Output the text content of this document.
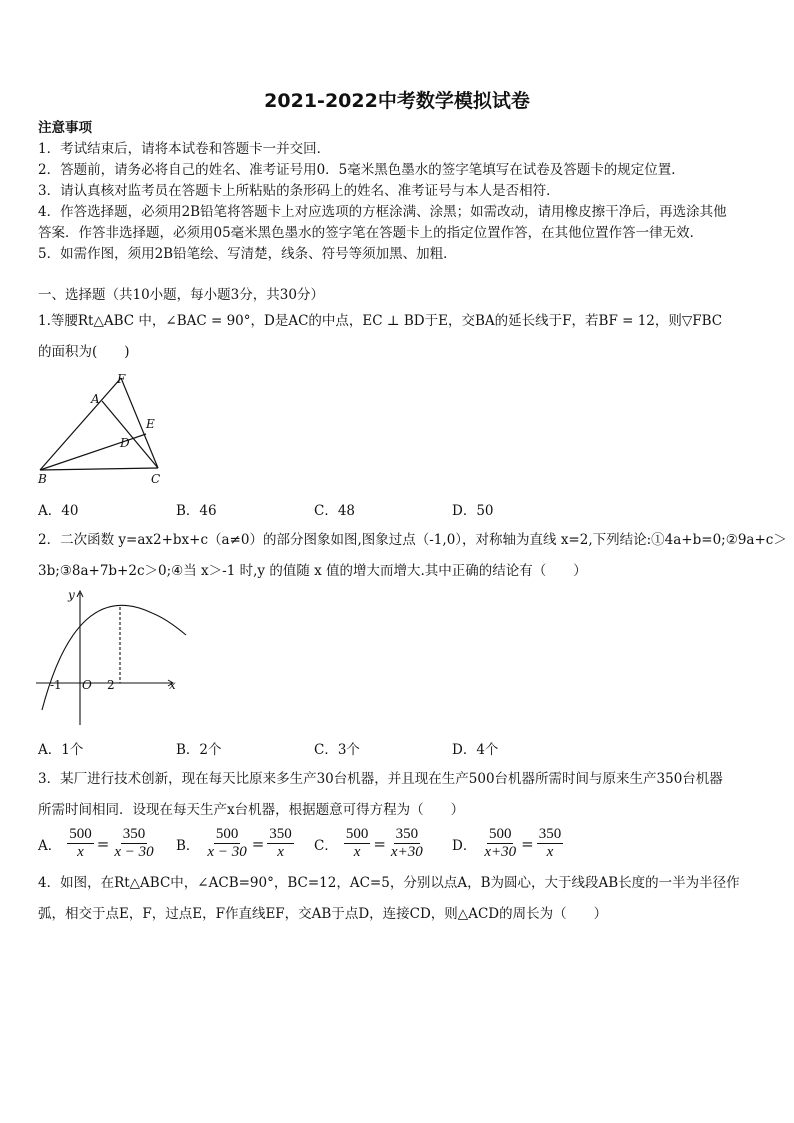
2021-2022中考数学模拟试卷
注意事项
1．考试结束后，请将本试卷和答题卡一并交回．
2．答题前，请务必将自己的姓名、准考证号用0．5毫米黑色墨水的签字笔填写在试卷及答题卡的规定位置．
3．请认真核对监考员在答题卡上所粘贴的条形码上的姓名、准考证号与本人是否相符．
4．作答选择题，必须用2B铅笔将答题卡上对应选项的方框涂满、涂黑；如需改动，请用橡皮擦干净后，再选涂其他
答案．作答非选择题，必须用05毫米黑色墨水的签字笔在答题卡上的指定位置作答，在其他位置作答一律无效．
5．如需作图，须用2B铅笔绘、写清楚，线条、符号等须加黑、加粗．
一、选择题（共10小题，每小题3分，共30分）
1.等腰Rt△ABC 中，∠BAC = 90°，D是AC的中点，EC ⊥ BD于E，交BA的延长线于F，若BF = 12，则▽FBC
的面积为(　　)
F
A
E
D
B	C
A．40	B．46	C．48	D．50
2．二次函数 y=ax2+bx+c（a≠0）的部分图象如图,图象过点（-1,0），对称轴为直线 x=2,下列结论:①4a+b=0;②9a+c＞
3b;③8a+7b+2c＞0;④当 x＞-1 时,y 的值随 x 值的增大而增大.其中正确的结论有（　　）
y
x
O
-1	2
A．1个	B．2个	C．3个	D．4个
3．某厂进行技术创新，现在每天比原来多生产30台机器，并且现在生产500台机器所需时间与原来生产350台机器
所需时间相同．设现在每天生产x台机器，根据题意可得方程为（　　）
A． $\frac{500}{x} = \frac{350}{x - 30}$ B． $\frac{500}{x - 30} = \frac{350}{x}$ C． $\frac{500}{x} = \frac{350}{x+30}$ D． $\frac{500}{x+30} = \frac{350}{x}$
4．如图，在Rt△ABC中，∠ACB=90°，BC=12，AC=5，分别以点A，B为圆心，大于线段AB长度的一半为半径作
弧，相交于点E，F，过点E，F作直线EF，交AB于点D，连接CD，则△ACD的周长为（　　）
